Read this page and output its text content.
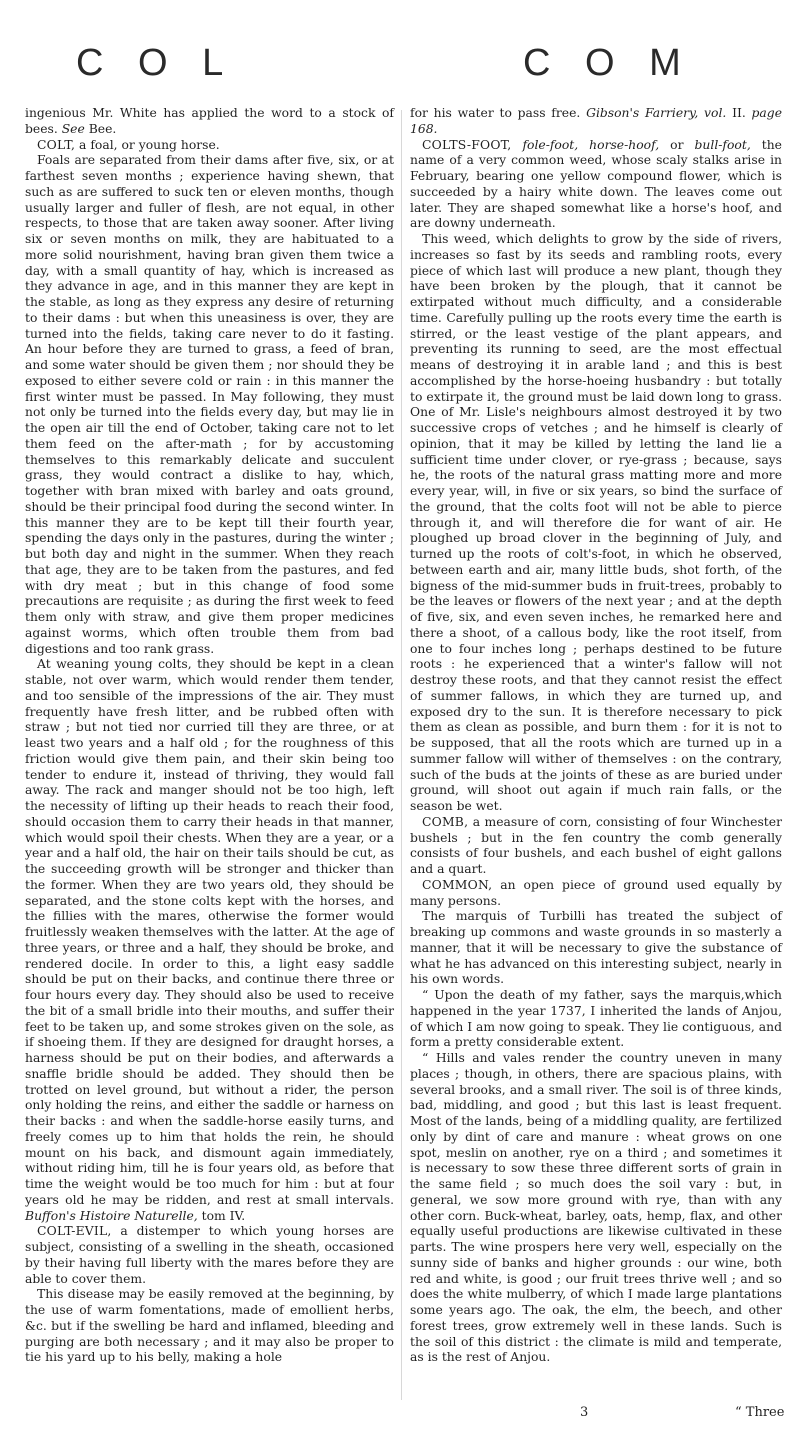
C O L	C O M

ingenious Mr. White has applied the word to a stock of bees. See Bee.

COLT, a foal, or young horse.

Foals are separated from their dams after five, six, or at farthest seven months ; experience having shewn, that such as are suffered to suck ten or eleven months, though usually larger and fuller of flesh, are not equal, in other respects, to those that are taken away sooner. After living six or seven months on milk, they are habituated to a more solid nourishment, having bran given them twice a day, with a small quantity of hay, which is increased as they advance in age, and in this manner they are kept in the stable, as long as they express any desire of returning to their dams : but when this uneasiness is over, they are turned into the fields, taking care never to do it fasting. An hour before they are turned to grass, a feed of bran, and some water should be given them ; nor should they be exposed to either severe cold or rain : in this manner the first winter must be passed. In May following, they must not only be turned into the fields every day, but may lie in the open air till the end of October, taking care not to let them feed on the after-math ; for by accustoming themselves to this remarkably delicate and succulent grass, they would contract a dislike to hay, which, together with bran mixed with barley and oats ground, should be their principal food during the second winter. In this manner they are to be kept till their fourth year, spending the days only in the pastures, during the winter ; but both day and night in the summer. When they reach that age, they are to be taken from the pastures, and fed with dry meat ; but in this change of food some precautions are requisite ; as during the first week to feed them only with straw, and give them proper medicines against worms, which often trouble them from bad digestions and too rank grass.

At weaning young colts, they should be kept in a clean stable, not over warm, which would render them tender, and too sensible of the impressions of the air. They must frequently have fresh litter, and be rubbed often with straw ; but not tied nor curried till they are three, or at least two years and a half old ; for the roughness of this friction would give them pain, and their skin being too tender to endure it, instead of thriving, they would fall away. The rack and manger should not be too high, left the necessity of lifting up their heads to reach their food, should occasion them to carry their heads in that manner, which would spoil their chests. When they are a year, or a year and a half old, the hair on their tails should be cut, as the succeeding growth will be stronger and thicker than the former. When they are two years old, they should be separated, and the stone colts kept with the horses, and the fillies with the mares, otherwise the former would fruitlessly weaken themselves with the latter. At the age of three years, or three and a half, they should be broke, and rendered docile. In order to this, a light easy saddle should be put on their backs, and continue there three or four hours every day. They should also be used to receive the bit of a small bridle into their mouths, and suffer their feet to be taken up, and some strokes given on the sole, as if shoeing them. If they are designed for draught horses, a harness should be put on their bodies, and afterwards a snaffle bridle should be added. They should then be trotted on level ground, but without a rider, the person only holding the reins, and either the saddle or harness on their backs : and when the saddle-horse easily turns, and freely comes up to him that holds the rein, he should mount on his back, and dismount again immediately, without riding him, till he is four years old, as before that time the weight would be too much for him : but at four years old he may be ridden, and rest at small intervals. Buffon's Histoire Naturelle, tom IV.

COLT-EVIL, a distemper to which young horses are subject, consisting of a swelling in the sheath, occasioned by their having full liberty with the mares before they are able to cover them.

This disease may be easily removed at the beginning, by the use of warm fomentations, made of emollient herbs, &c. but if the swelling be hard and inflamed, bleeding and purging are both necessary ; and it may also be proper to tie his yard up to his belly, making a hole

for his water to pass free. Gibson's Farriery, vol. II. page 168.

COLTS-FOOT, fole-foot, horse-hoof, or bull-foot, the name of a very common weed, whose scaly stalks arise in February, bearing one yellow compound flower, which is succeeded by a hairy white down. The leaves come out later. They are shaped somewhat like a horse's hoof, and are downy underneath.

This weed, which delights to grow by the side of rivers, increases so fast by its seeds and rambling roots, every piece of which last will produce a new plant, though they have been broken by the plough, that it cannot be extirpated without much difficulty, and a considerable time. Carefully pulling up the roots every time the earth is stirred, or the least vestige of the plant appears, and preventing its running to seed, are the most effectual means of destroying it in arable land ; and this is best accomplished by the horse-hoeing husbandry : but totally to extirpate it, the ground must be laid down long to grass. One of Mr. Lisle's neighbours almost destroyed it by two successive crops of vetches ; and he himself is clearly of opinion, that it may be killed by letting the land lie a sufficient time under clover, or rye-grass ; because, says he, the roots of the natural grass matting more and more every year, will, in five or six years, so bind the surface of the ground, that the colts foot will not be able to pierce through it, and will therefore die for want of air. He ploughed up broad clover in the beginning of July, and turned up the roots of colt's-foot, in which he observed, between earth and air, many little buds, shot forth, of the bigness of the mid-summer buds in fruit-trees, probably to be the leaves or flowers of the next year ; and at the depth of five, six, and even seven inches, he remarked here and there a shoot, of a callous body, like the root itself, from one to four inches long ; perhaps destined to be future roots : he experienced that a winter's fallow will not destroy these roots, and that they cannot resist the effect of summer fallows, in which they are turned up, and exposed dry to the sun. It is therefore necessary to pick them as clean as possible, and burn them : for it is not to be supposed, that all the roots which are turned up in a summer fallow will wither of themselves : on the contrary, such of the buds at the joints of these as are buried under ground, will shoot out again if much rain falls, or the season be wet.

COMB, a measure of corn, consisting of four Winchester bushels ; but in the fen country the comb generally consists of four bushels, and each bushel of eight gallons and a quart.

COMMON, an open piece of ground used equally by many persons.

The marquis of Turbilli has treated the subject of breaking up commons and waste grounds in so masterly a manner, that it will be necessary to give the substance of what he has advanced on this interesting subject, nearly in his own words.

“ Upon the death of my father, says the marquis,which happened in the year 1737, I inherited the lands of Anjou, of which I am now going to speak. They lie contiguous, and form a pretty considerable extent.

“ Hills and vales render the country uneven in many places ; though, in others, there are spacious plains, with several brooks, and a small river. The soil is of three kinds, bad, middling, and good ; but this last is least frequent. Most of the lands, being of a middling quality, are fertilized only by dint of care and manure : wheat grows on one spot, meslin on another, rye on a third ; and sometimes it is necessary to sow these three different sorts of grain in the same field ; so much does the soil vary : but, in general, we sow more ground with rye, than with any other corn. Buck-wheat, barley, oats, hemp, flax, and other equally useful productions are likewise cultivated in these parts. The wine prospers here very well, especially on the sunny side of banks and higher grounds : our wine, both red and white, is good ; our fruit trees thrive well ; and so does the white mulberry, of which I made large plantations some years ago. The oak, the elm, the beech, and other forest trees, grow extremely well in these lands. Such is the soil of this district : the climate is mild and temperate, as is the rest of Anjou.

3	“ Three
